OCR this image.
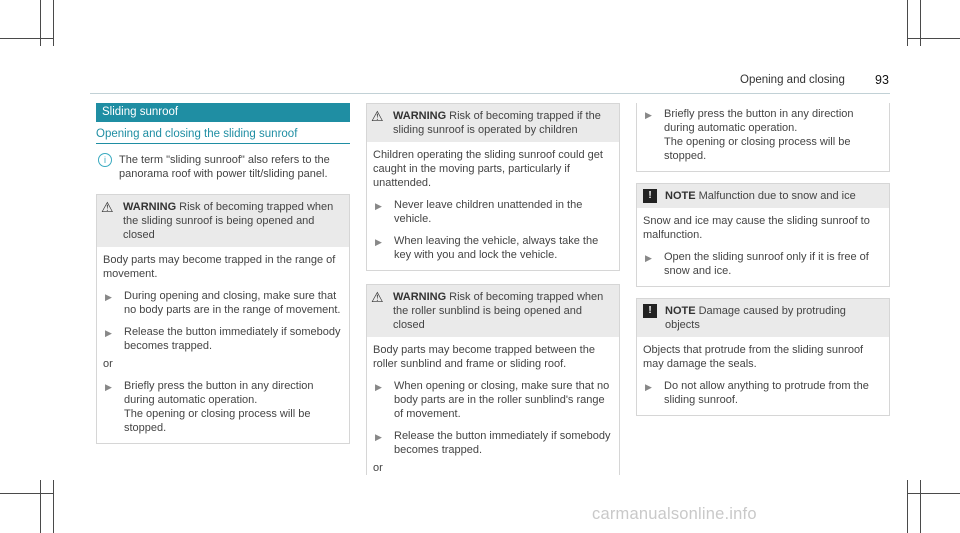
Opening and closing 93
Sliding sunroof
Opening and closing the sliding sunroof
i	The term "sliding sunroof" also refers to the panorama roof with power tilt/sliding panel.
⚠ WARNING Risk of becoming trapped when the sliding sunroof is being opened and closed
Body parts may become trapped in the range of movement.
▶ During opening and closing, make sure that no body parts are in the range of movement.
▶ Release the button immediately if somebody becomes trapped.
or
▶ Briefly press the button in any direction during automatic operation.
The opening or closing process will be stopped.
⚠ WARNING Risk of becoming trapped if the sliding sunroof is operated by children
Children operating the sliding sunroof could get caught in the moving parts, particularly if unattended.
▶ Never leave children unattended in the vehicle.
▶ When leaving the vehicle, always take the key with you and lock the vehicle.
⚠ WARNING Risk of becoming trapped when the roller sunblind is being opened and closed
Body parts may become trapped between the roller sunblind and frame or sliding roof.
▶ When opening or closing, make sure that no body parts are in the roller sunblind's range of movement.
▶ Release the button immediately if somebody becomes trapped.
or
▶ Briefly press the button in any direction during automatic operation.
The opening or closing process will be stopped.
!	NOTE Malfunction due to snow and ice
Snow and ice may cause the sliding sunroof to malfunction.
▶ Open the sliding sunroof only if it is free of snow and ice.
!	NOTE Damage caused by protruding objects
Objects that protrude from the sliding sunroof may damage the seals.
▶ Do not allow anything to protrude from the sliding sunroof.
carmanualsonline.info
